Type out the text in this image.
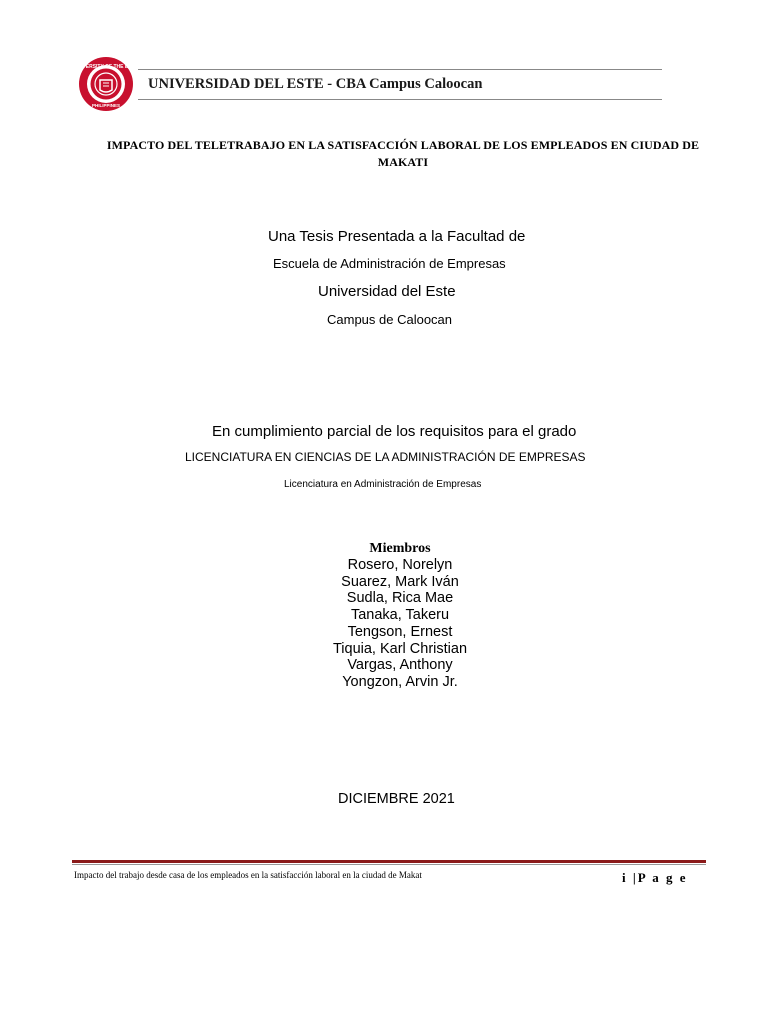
UNIVERSITY OF THE EAST
PHILIPPINES
UNIVERSIDAD DEL ESTE - CBA Campus Caloocan
IMPACTO DEL TELETRABAJO EN LA SATISFACCIÓN LABORAL DE LOS EMPLEADOS EN CIUDAD DE MAKATI
Una Tesis Presentada a la Facultad de
Escuela de Administración de Empresas
Universidad del Este
Campus de Caloocan
En cumplimiento parcial de los requisitos para el grado
LICENCIATURA EN CIENCIAS DE LA ADMINISTRACIÓN DE EMPRESAS
Licenciatura en Administración de Empresas
Miembros
Rosero, Norelyn
Suarez, Mark Iván
Sudla, Rica Mae
Tanaka, Takeru
Tengson, Ernest
Tiquia, Karl Christian
Vargas, Anthony
Yongzon, Arvin Jr.
DICIEMBRE 2021
Impacto del trabajo desde casa de los empleados en la satisfacción laboral en la ciudad de Makat	i |P a g e
